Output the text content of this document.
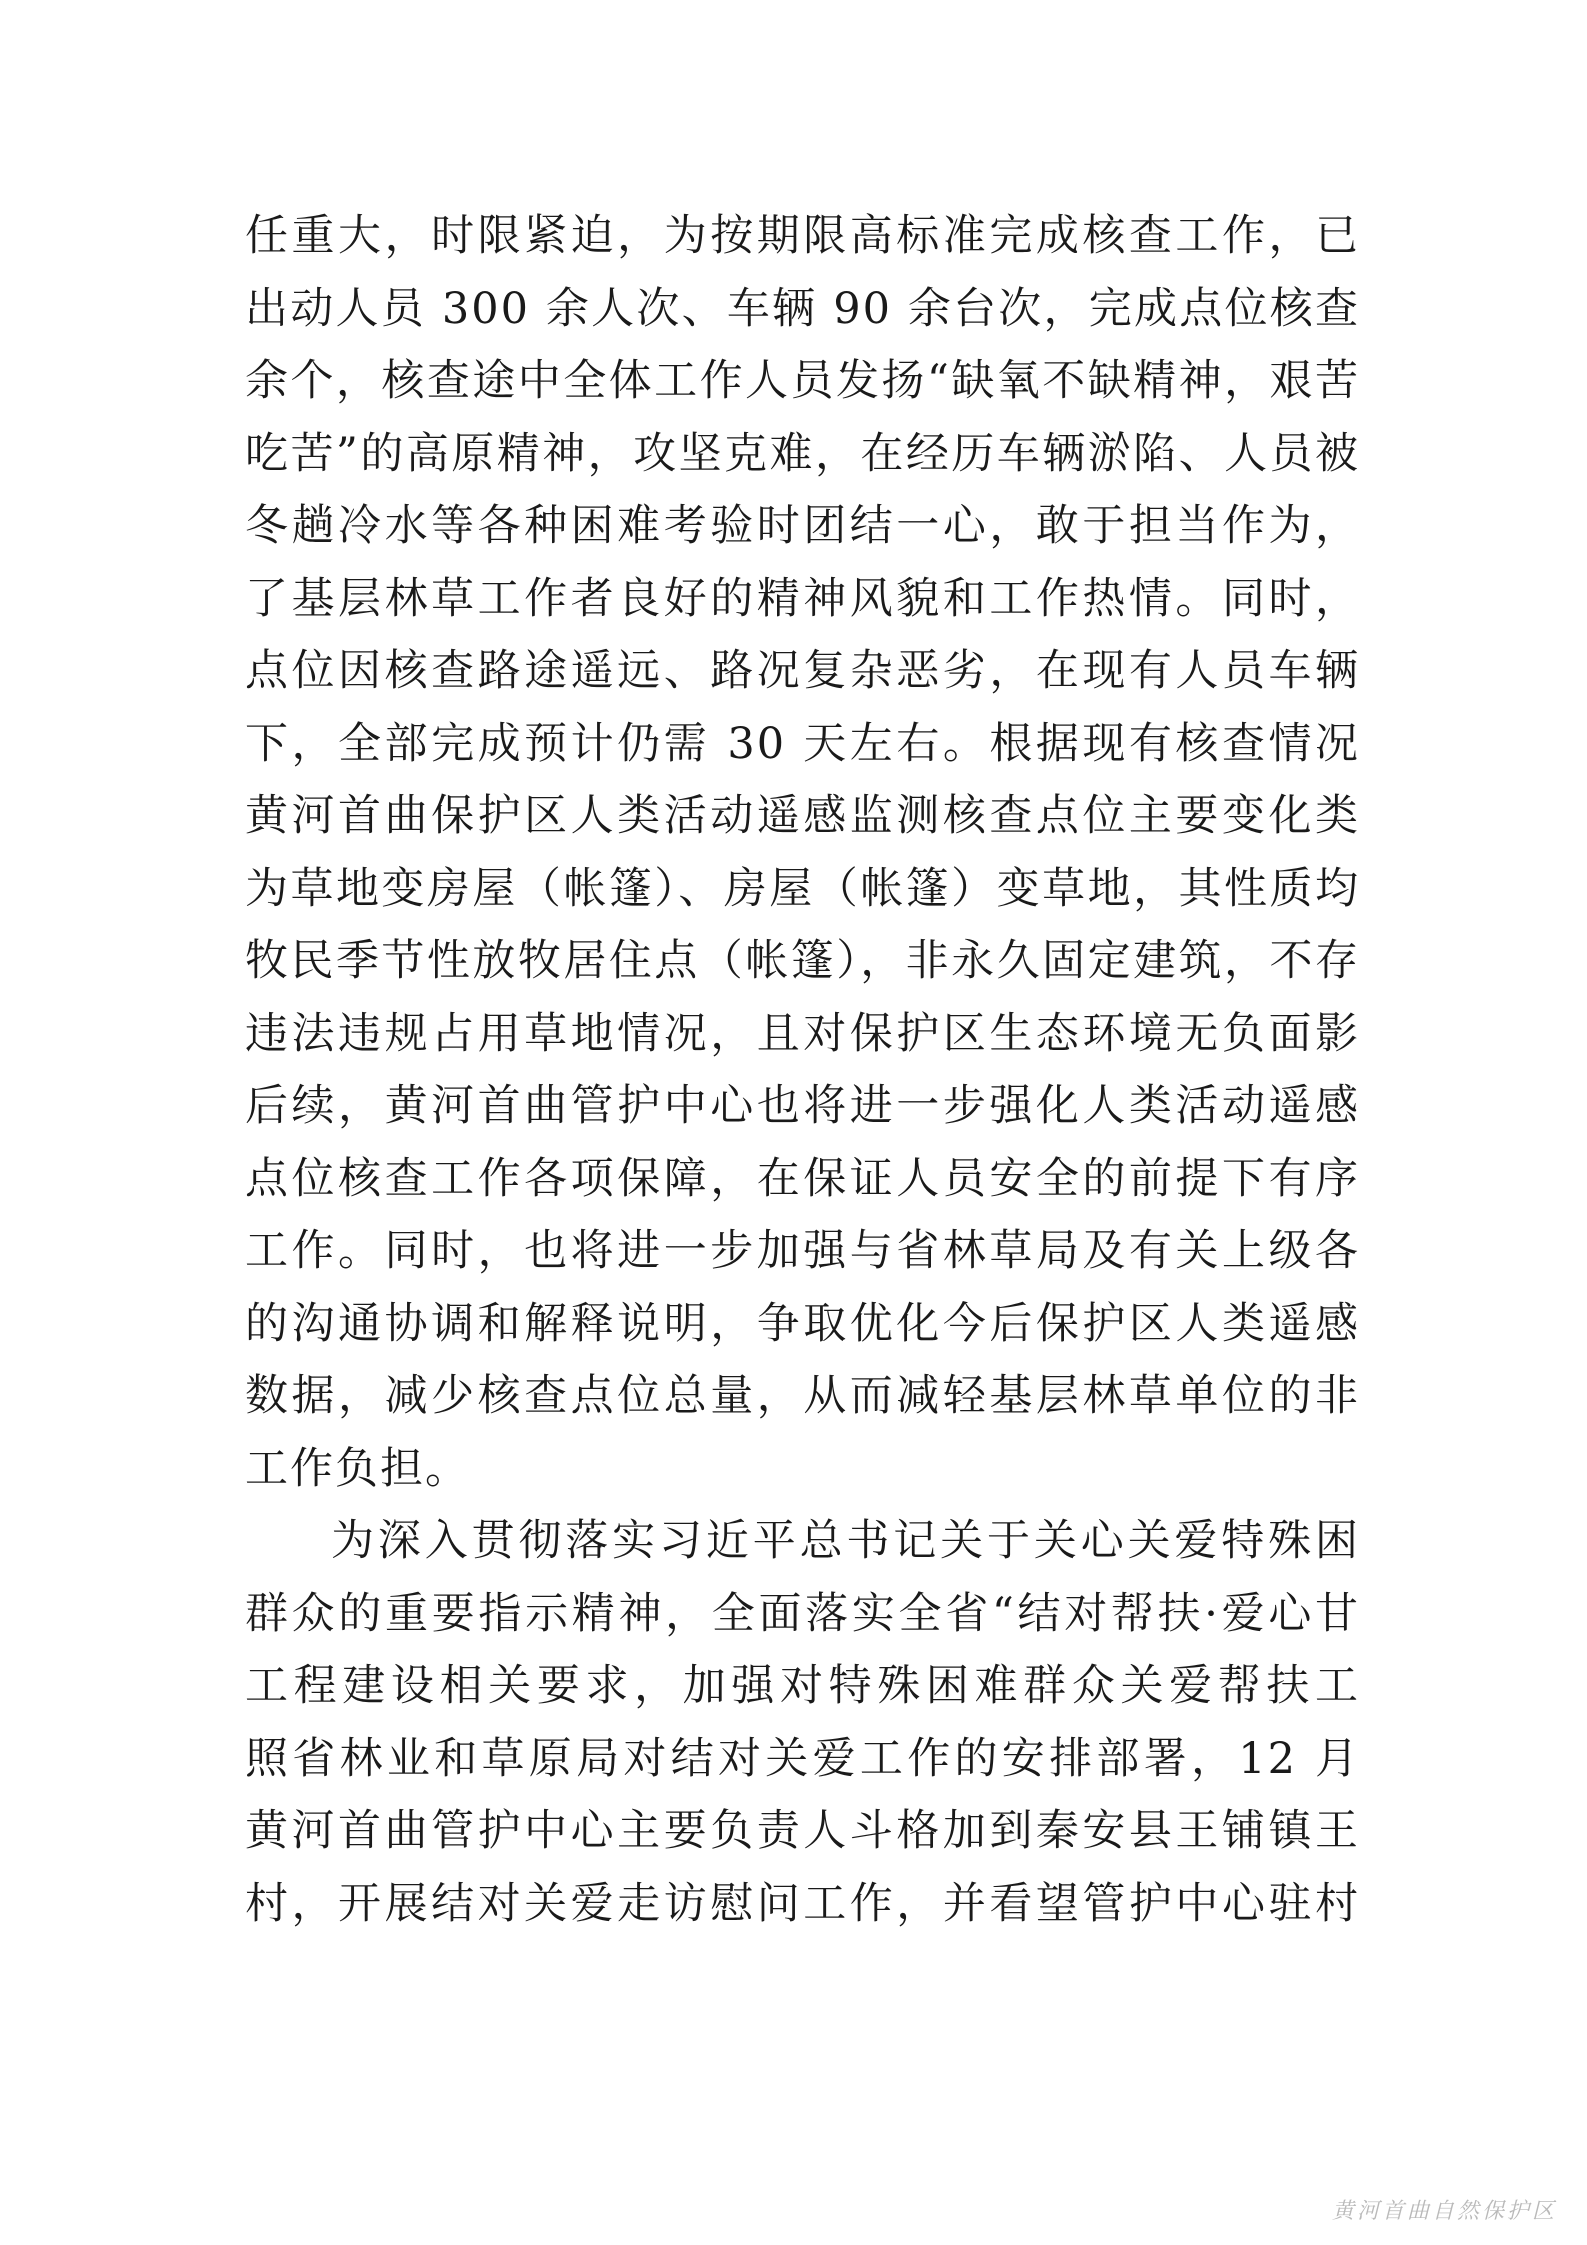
任重大，时限紧迫，为按期限高标准完成核查工作，已
出动人员 300 余人次、车辆 90 余台次，完成点位核查
余个，核查途中全体工作人员发扬“缺氧不缺精神，艰苦
吃苦”的高原精神，攻坚克难，在经历车辆淤陷、人员被
冬趟冷水等各种困难考验时团结一心，敢于担当作为，
了基层林草工作者良好的精神风貌和工作热情。同时，
点位因核查路途遥远、路况复杂恶劣，在现有人员车辆
下，全部完成预计仍需 30 天左右。根据现有核查情况
黄河首曲保护区人类活动遥感监测核查点位主要变化类
为草地变房屋（帐篷）、房屋（帐篷）变草地，其性质均
牧民季节性放牧居住点（帐篷），非永久固定建筑，不存
违法违规占用草地情况，且对保护区生态环境无负面影
后续，黄河首曲管护中心也将进一步强化人类活动遥感
点位核查工作各项保障，在保证人员安全的前提下有序
工作。同时，也将进一步加强与省林草局及有关上级各
的沟通协调和解释说明，争取优化今后保护区人类遥感
数据，减少核查点位总量，从而减轻基层林草单位的非
工作负担。
为深入贯彻落实习近平总书记关于关心关爱特殊困
群众的重要指示精神，全面落实全省“结对帮扶·爱心甘
工程建设相关要求，加强对特殊困难群众关爱帮扶工
照省林业和草原局对结对关爱工作的安排部署，12 月
黄河首曲管护中心主要负责人斗格加到秦安县王铺镇王
村，开展结对关爱走访慰问工作，并看望管护中心驻村
黄河首曲自然保护区
